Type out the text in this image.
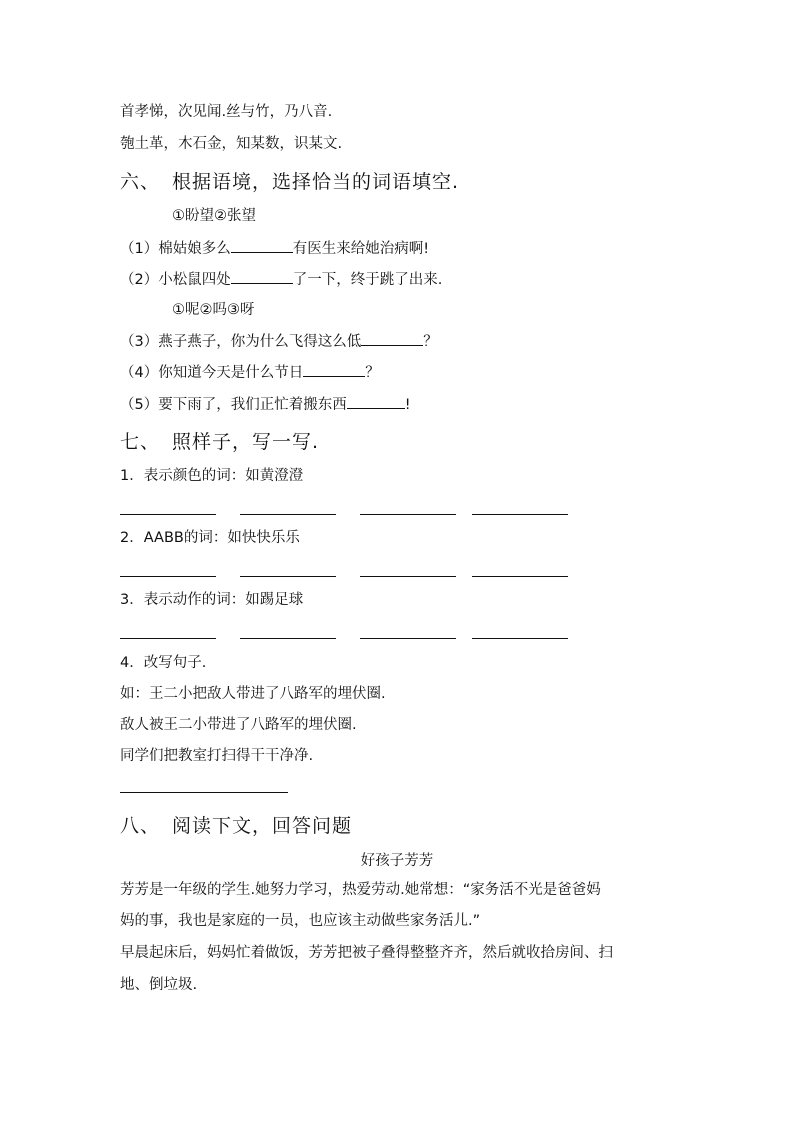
首孝悌，次见闻.丝与竹，乃八音.
匏土革，木石金，知某数，识某文.
六、 根据语境，选择恰当的词语填空.
①盼望②张望
（1）棉姑娘多么	有医生来给她治病啊!
（2）小松鼠四处	了一下，终于跳了出来.
①呢②吗③呀
（3）燕子燕子，你为什么飞得这么低	？
（4）你知道今天是什么节日	？
（5）要下雨了，我们正忙着搬东西	!
七、 照样子，写一写.
1．表示颜色的词：如黄澄澄
2．AABB的词：如快快乐乐
3．表示动作的词：如踢足球
4．改写句子.
如：王二小把敌人带进了八路军的埋伏圈.
敌人被王二小带进了八路军的埋伏圈.
同学们把教室打扫得干干净净.
八、 阅读下文，回答问题
好孩子芳芳
芳芳是一年级的学生.她努力学习，热爱劳动.她常想：“家务活不光是爸爸妈
妈的事，我也是家庭的一员，也应该主动做些家务活儿.”
早晨起床后，妈妈忙着做饭，芳芳把被子叠得整整齐齐，然后就收拾房间、扫
地、倒垃圾.
